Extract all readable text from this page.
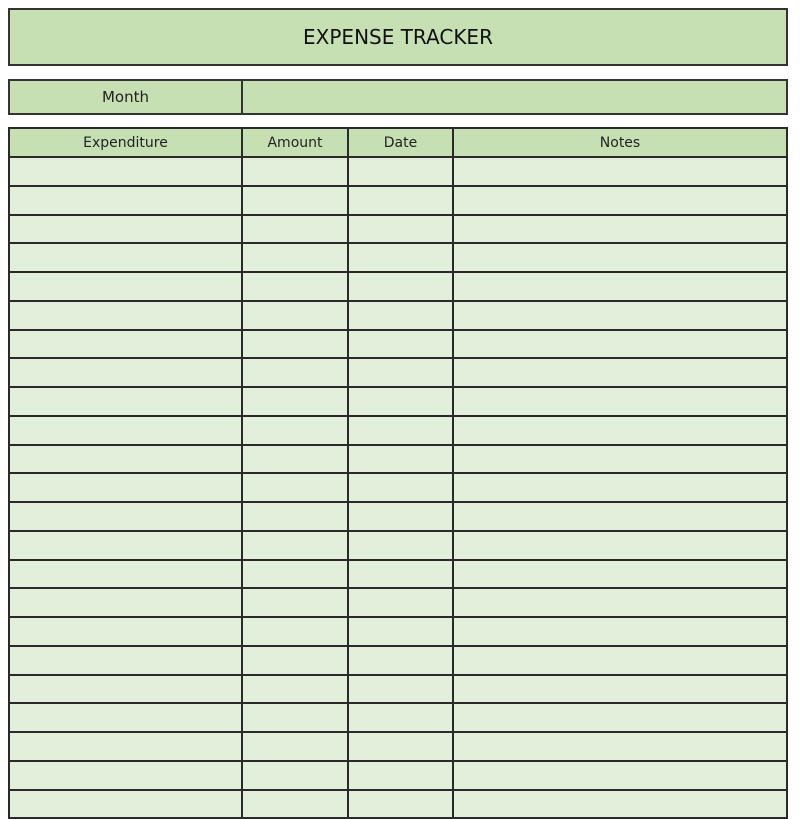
EXPENSE TRACKER
Month
Expenditure	Amount	Date	Notes
